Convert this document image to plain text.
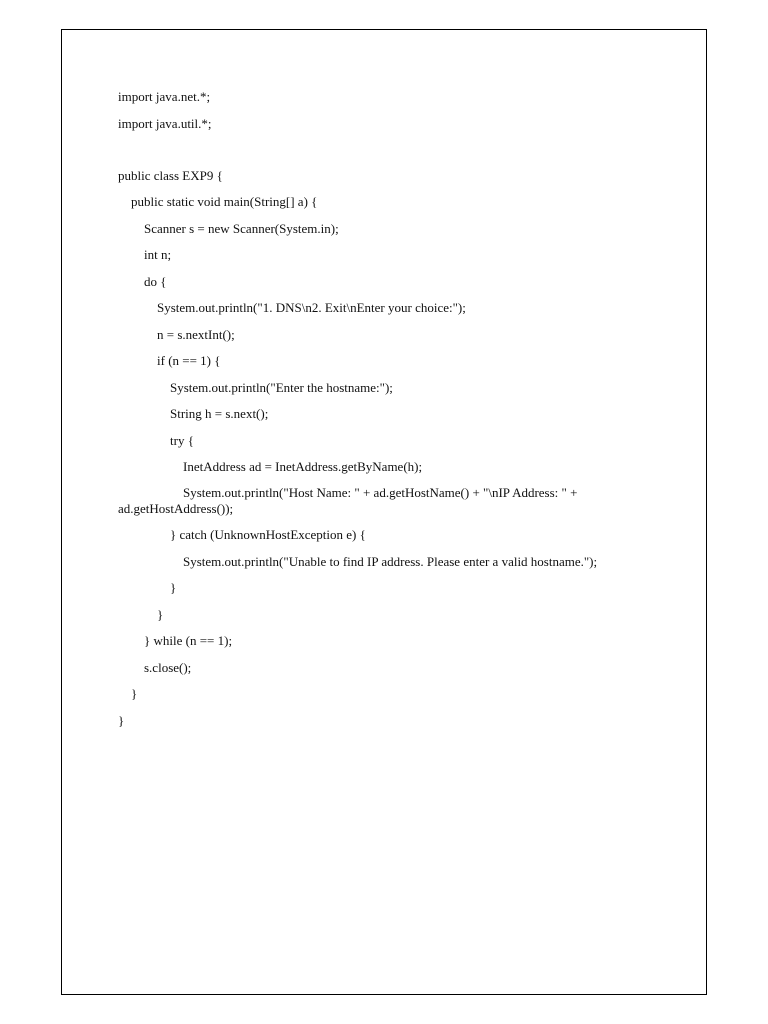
import java.net.*;
import java.util.*;
public class EXP9 {
public static void main(String[] a) {
Scanner s = new Scanner(System.in);
int n;
do {
System.out.println("1. DNS\n2. Exit\nEnter your choice:");
n = s.nextInt();
if (n == 1) {
System.out.println("Enter the hostname:");
String h = s.next();
try {
InetAddress ad = InetAddress.getByName(h);
System.out.println("Host Name: " + ad.getHostName() + "\nIP Address: " +
ad.getHostAddress());
} catch (UnknownHostException e) {
System.out.println("Unable to find IP address. Please enter a valid hostname.");
}
}
} while (n == 1);
s.close();
}
}
